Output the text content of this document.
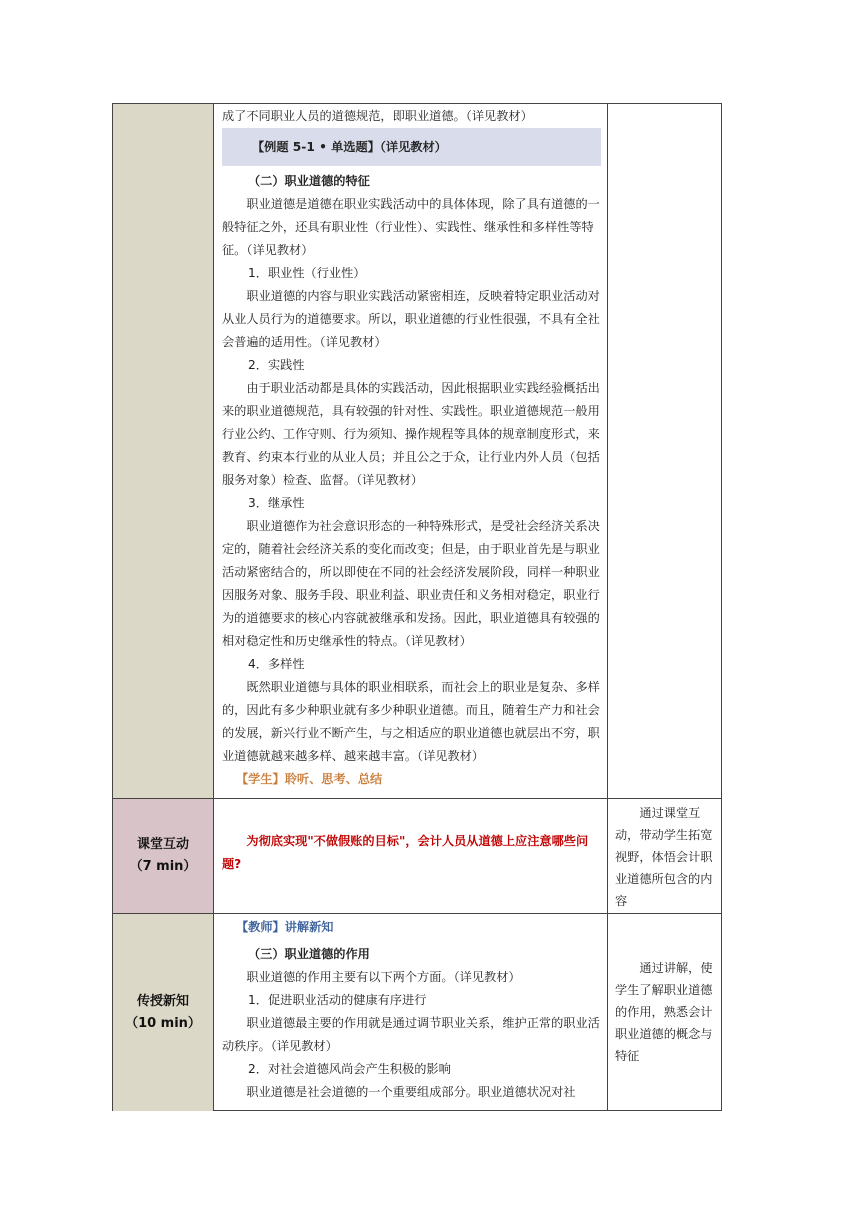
课堂互动
（7 min）
传授新知
（10 min）

成了不同职业人员的道德规范，即职业道德。（详见教材）

【例题 5-1 • 单选题】（详见教材）

（二）职业道德的特征

职业道德是道德在职业实践活动中的具体体现，除了具有道德的一般特征之外，还具有职业性（行业性）、实践性、继承性和多样性等特征。（详见教材）

1．职业性（行业性）

职业道德的内容与职业实践活动紧密相连，反映着特定职业活动对从业人员行为的道德要求。所以，职业道德的行业性很强，不具有全社会普遍的适用性。（详见教材）

2．实践性

由于职业活动都是具体的实践活动，因此根据职业实践经验概括出来的职业道德规范，具有较强的针对性、实践性。职业道德规范一般用行业公约、工作守则、行为须知、操作规程等具体的规章制度形式，来教育、约束本行业的从业人员；并且公之于众，让行业内外人员（包括服务对象）检查、监督。（详见教材）

3．继承性

职业道德作为社会意识形态的一种特殊形式，是受社会经济关系决定的，随着社会经济关系的变化而改变；但是，由于职业首先是与职业活动紧密结合的，所以即使在不同的社会经济发展阶段，同样一种职业因服务对象、服务手段、职业利益、职业责任和义务相对稳定，职业行为的道德要求的核心内容就被继承和发扬。因此，职业道德具有较强的相对稳定性和历史继承性的特点。（详见教材）

4．多样性

既然职业道德与具体的职业相联系，而社会上的职业是复杂、多样的，因此有多少种职业就有多少种职业道德。而且，随着生产力和社会的发展，新兴行业不断产生，与之相适应的职业道德也就层出不穷，职业道德就越来越多样、越来越丰富。（详见教材）

【学生】聆听、思考、总结

为彻底实现"不做假账的目标"，会计人员从道德上应注意哪些问题?

通过课堂互动，带动学生拓宽视野，体悟会计职业道德所包含的内容

【教师】讲解新知

（三）职业道德的作用

职业道德的作用主要有以下两个方面。（详见教材）

1．促进职业活动的健康有序进行

职业道德最主要的作用就是通过调节职业关系，维护正常的职业活动秩序。（详见教材）

2．对社会道德风尚会产生积极的影响

职业道德是社会道德的一个重要组成部分。职业道德状况对社

通过讲解，使学生了解职业道德的作用，熟悉会计职业道德的概念与特征
